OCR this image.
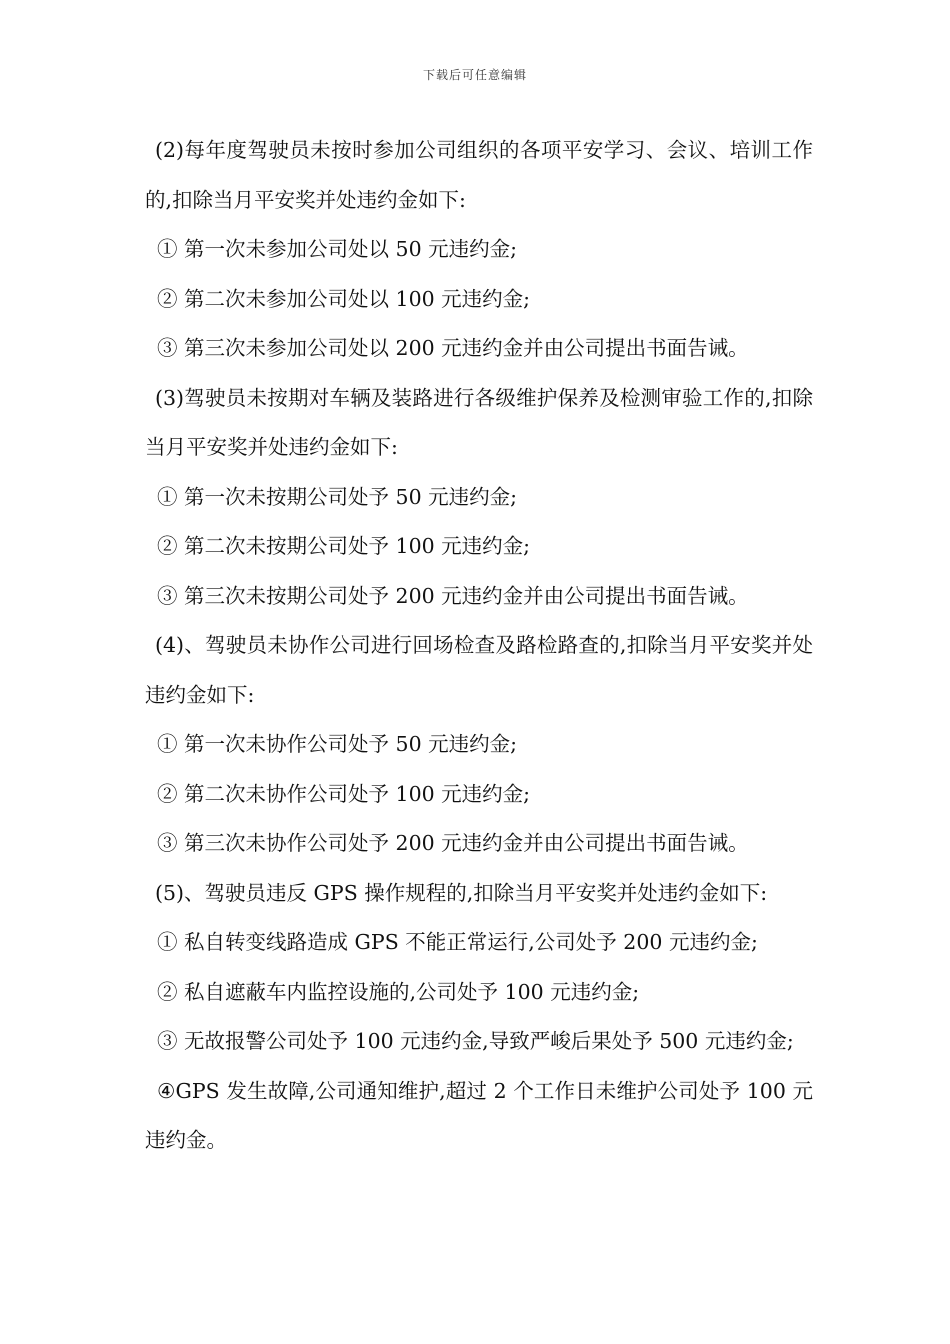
下载后可任意编辑

(2)每年度驾驶员未按时参加公司组织的各项平安学习、会议、培训工作的,扣除当月平安奖并处违约金如下:

① 第一次未参加公司处以 50 元违约金;

② 第二次未参加公司处以 100 元违约金;

③ 第三次未参加公司处以 200 元违约金并由公司提出书面告诫。

(3)驾驶员未按期对车辆及装路进行各级维护保养及检测审验工作的,扣除当月平安奖并处违约金如下:

① 第一次未按期公司处予 50 元违约金;

② 第二次未按期公司处予 100 元违约金;

③ 第三次未按期公司处予 200 元违约金并由公司提出书面告诫。

(4)、驾驶员未协作公司进行回场检查及路检路查的,扣除当月平安奖并处违约金如下:

① 第一次未协作公司处予 50 元违约金;

② 第二次未协作公司处予 100 元违约金;

③ 第三次未协作公司处予 200 元违约金并由公司提出书面告诫。

(5)、驾驶员违反 GPS 操作规程的,扣除当月平安奖并处违约金如下:

① 私自转变线路造成 GPS 不能正常运行,公司处予 200 元违约金;

② 私自遮蔽车内监控设施的,公司处予 100 元违约金;

③ 无故报警公司处予 100 元违约金,导致严峻后果处予 500 元违约金;

④GPS 发生故障,公司通知维护,超过 2 个工作日未维护公司处予 100 元违约金。
